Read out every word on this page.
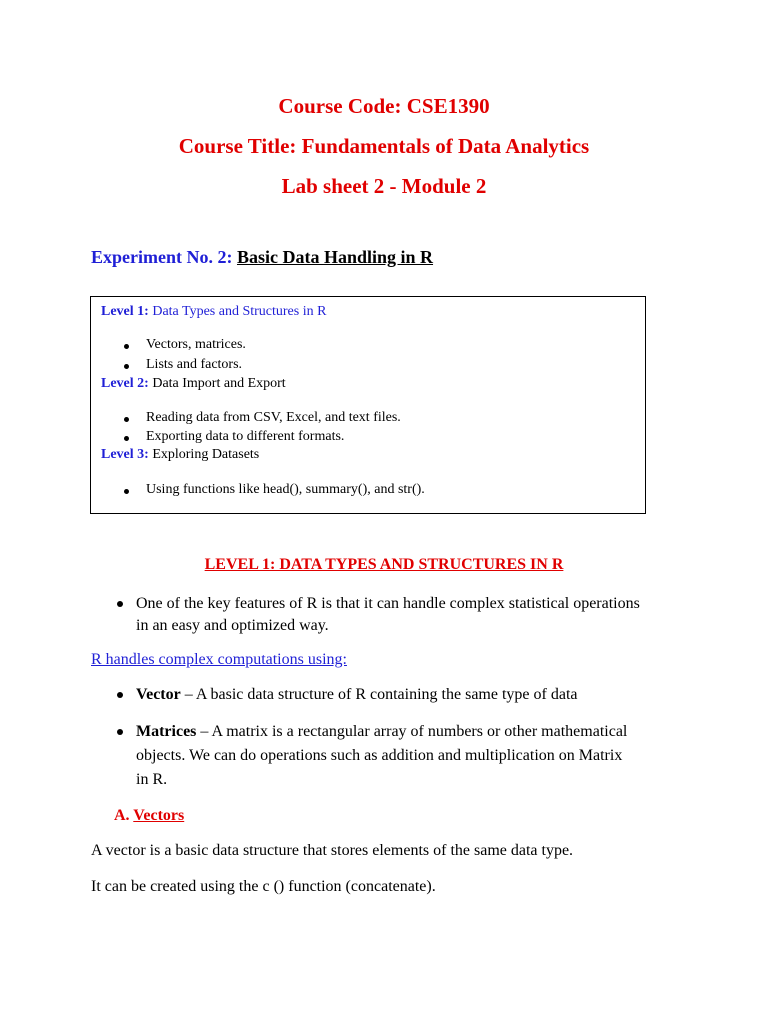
Course Code: CSE1390
Course Title: Fundamentals of Data Analytics
Lab sheet 2 - Module 2
Experiment No. 2: Basic Data Handling in R
Level 1: Data Types and Structures in R
Vectors, matrices.
Lists and factors.
Level 2: Data Import and Export
Reading data from CSV, Excel, and text files.
Exporting data to different formats.
Level 3: Exploring Datasets
Using functions like head(), summary(), and str().
LEVEL 1: DATA TYPES AND STRUCTURES IN R
One of the key features of R is that it can handle complex statistical operations
in an easy and optimized way.
R handles complex computations using:
Vector – A basic data structure of R containing the same type of data
Matrices – A matrix is a rectangular array of numbers or other mathematical
objects. We can do operations such as addition and multiplication on Matrix
in R.
A. Vectors
A vector is a basic data structure that stores elements of the same data type.
It can be created using the c () function (concatenate).
